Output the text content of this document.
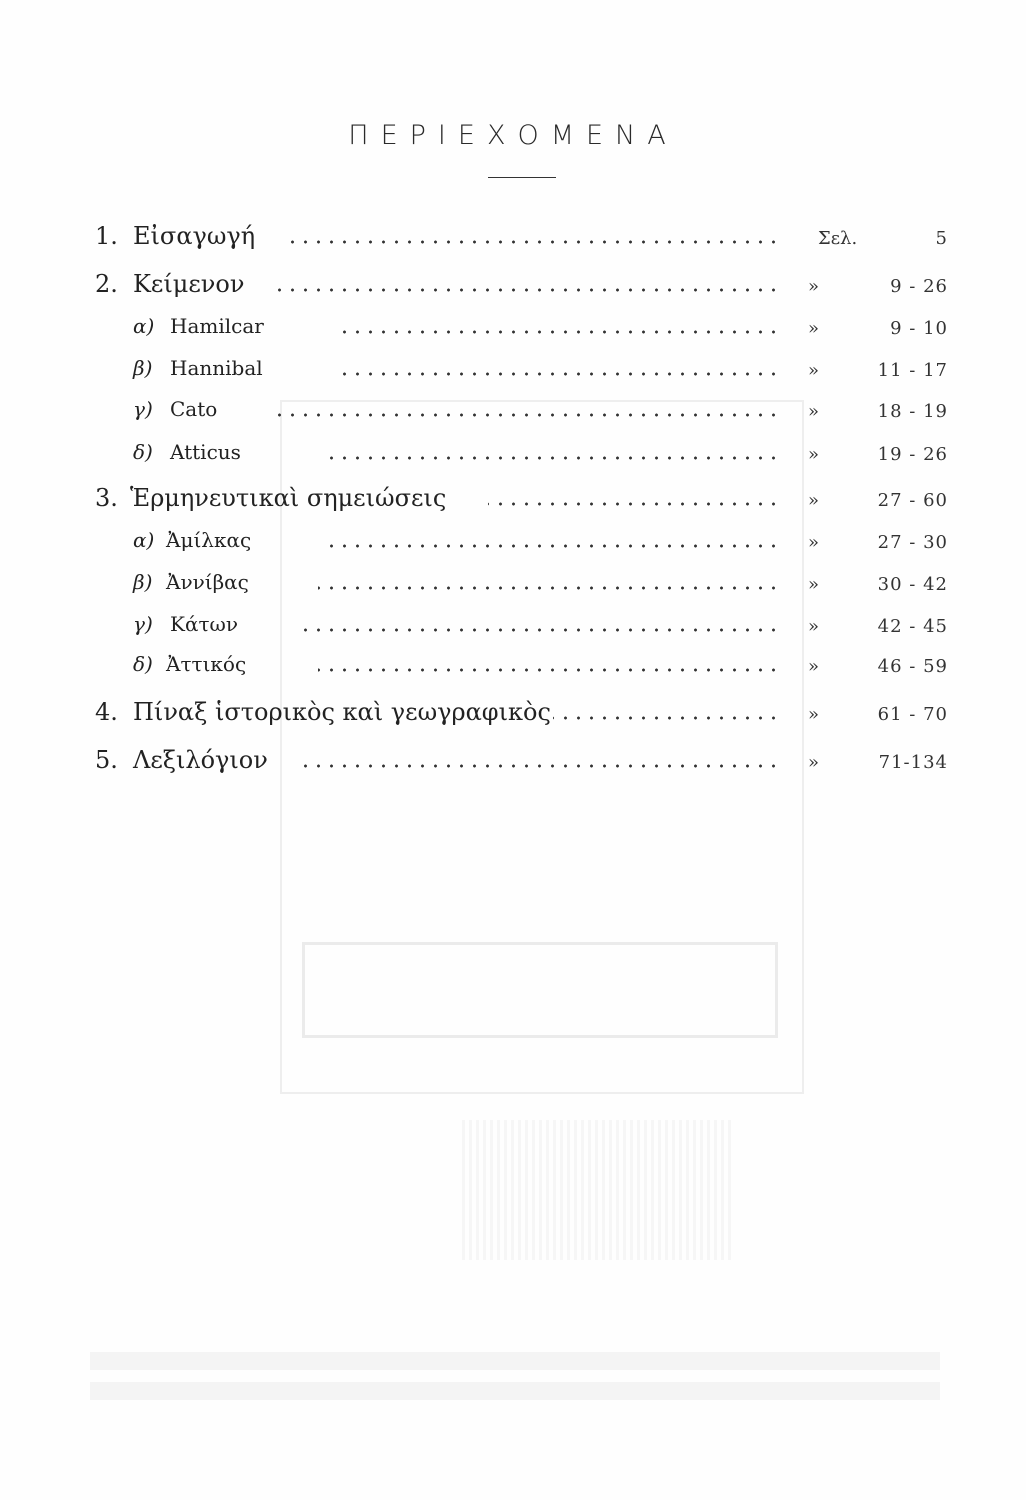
ΠΕΡΙΕΧΟΜΕΝΑ
1. Εἰσαγωγή	Σελ.	5
2. Κείμενον	»	9 - 26
α) Hamilcar	»	9 - 10
β) Hannibal	»	11 - 17
γ) Cato	»	18 - 19
δ) Atticus	»	19 - 26
3. Ἑρμηνευτικαὶ σημειώσεις	»	27 - 60
α) Ἀμίλκας	»	27 - 30
β) Ἀννίβας	»	30 - 42
γ) Κάτων	»	42 - 45
δ) Ἀττικός	»	46 - 59
4. Πίναξ ἱστορικὸς καὶ γεωγραφικὸς	»	61 - 70
5. Λεξιλόγιον	»	71-134
